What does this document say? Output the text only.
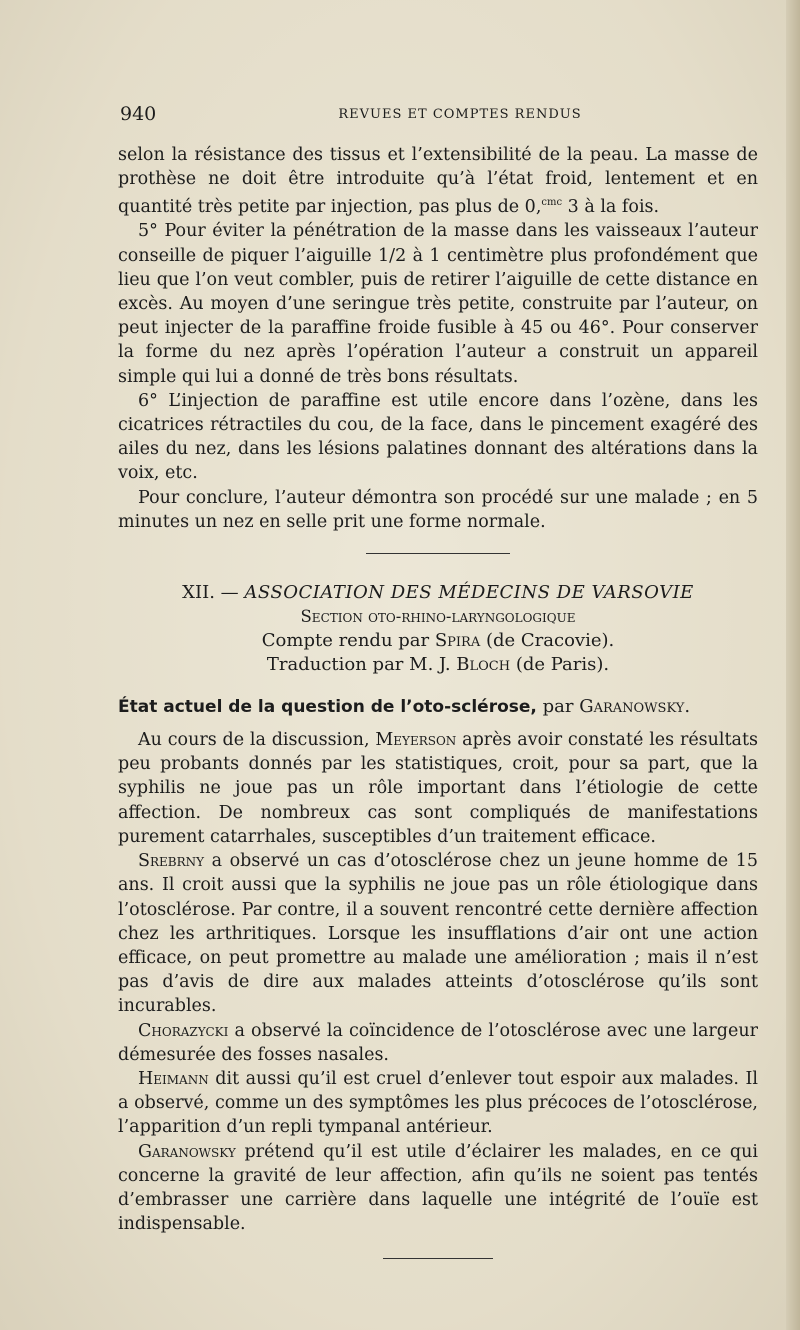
940	REVUES ET COMPTES RENDUS

selon la résistance des tissus et l’extensibilité de la peau. La masse de prothèse ne doit être introduite qu’à l’état froid, lentement et en quantité très petite par injection, pas plus de 0,$^{cmc}$ 3 à la fois.

5° Pour éviter la pénétration de la masse dans les vaisseaux l’auteur conseille de piquer l’aiguille 1/2 à 1 centimètre plus profondément que lieu que l’on veut combler, puis de retirer l’aiguille de cette distance en excès. Au moyen d’une seringue très petite, construite par l’auteur, on peut injecter de la paraffine froide fusible à 45 ou 46°. Pour conserver la forme du nez après l’opération l’auteur a construit un appareil simple qui lui a donné de très bons résultats.

6° L’injection de paraffine est utile encore dans l’ozène, dans les cicatrices rétractiles du cou, de la face, dans le pincement exagéré des ailes du nez, dans les lésions palatines donnant des altérations dans la voix, etc.

Pour conclure, l’auteur démontra son procédé sur une malade ; en 5 minutes un nez en selle prit une forme normale.

XII. — ASSOCIATION DES MÉDECINS DE VARSOVIE
Section oto-rhino-laryngologique
Compte rendu par Spira (de Cracovie).
Traduction par M. J. Bloch (de Paris).
État actuel de la question de l’oto-sclérose, par Garanowsky.

Au cours de la discussion, Meyerson après avoir constaté les résultats peu probants donnés par les statistiques, croit, pour sa part, que la syphilis ne joue pas un rôle important dans l’étiologie de cette affection. De nombreux cas sont compliqués de manifestations purement catarrhales, susceptibles d’un traitement efficace.

Srebrny a observé un cas d’otosclérose chez un jeune homme de 15 ans. Il croit aussi que la syphilis ne joue pas un rôle étiologique dans l’otosclérose. Par contre, il a souvent rencontré cette dernière affection chez les arthritiques. Lorsque les insufflations d’air ont une action efficace, on peut promettre au malade une amélioration ; mais il n’est pas d’avis de dire aux malades atteints d’otosclérose qu’ils sont incurables.

Chorazycki a observé la coïncidence de l’otosclérose avec une largeur démesurée des fosses nasales.

Heimann dit aussi qu’il est cruel d’enlever tout espoir aux malades. Il a observé, comme un des symptômes les plus précoces de l’otosclérose, l’apparition d’un repli tympanal antérieur.

Garanowsky prétend qu’il est utile d’éclairer les malades, en ce qui concerne la gravité de leur affection, afin qu’ils ne soient pas tentés d’embrasser une carrière dans laquelle une intégrité de l’ouïe est indispensable.
